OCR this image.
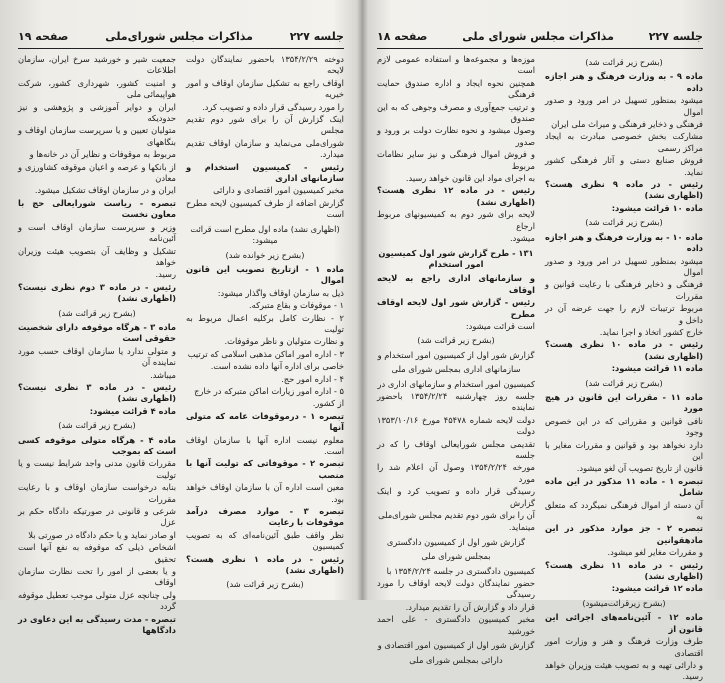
جلسه ۲۲۷
مذاکرات مجلس شورای‌ملی
صفحه ۱۹

دوخته ۱۳۵۴/۲/۲۹ باحضور نمایندگان دولت لایحه

اوقاف راجع به تشکیل سازمان اوقاف و امور خیریه

را مورد رسیدگی قرار داده و تصویب کرد.

اینک گزارش آن را برای شور دوم تقدیم مجلس

شورای‌ملی می‌نماید و سازمان اوقاف تقدیم میدارد.

رئیس - کمیسیون استخدام و سازمانهای اداری

مخبر کمیسیون امور اقتصادی و دارائی

گزارش اضافه از طرف کمیسیون لایحه مطرح است

(اظهاری نشد) ماده اول مطرح است قرائت میشود:

(بشرح زیر خوانده شد)

ماده ۱ - ازتاریخ تصویب این قانون اموال

ذیل به سازمان اوقاف واگذار میشود:

۱ - موقوفات و بقاع متبرکه.

۲ - نظارت کامل برکلیه اعمال مربوط به تولیت

و نظارت متولیان و ناظر موقوفات.

۳ - اداره امور اماکن مذهبی اسلامی که ترتیب

خاصی برای اداره آنها داده نشده است.

۴ - اداره امور حج.

۵ - اداره امور زیارات اماکن متبرکه در خارج

از کشور.

تبصره ۱ - درموقوفات عامه که متولی آنها

معلوم نیست اداره آنها با سازمان اوقاف است.

تبصره ۲ - موقوفاتی که تولیت آنها با منصب

معین است اداره آن با سازمان اوقاف خواهد بود.

تبصره ۳ - موارد مصرف درآمد موقوفات با رعایت

نظر واقف طبق آئین‌نامه‌ای که به تصویب کمیسیون

رئیس - در ماده ۱ نظری هست؟ (اظهاری نشد)

(بشرح زیر قرائت شد)

جمعیت شیر و خورشید سرخ ایران، سازمان اطلاعات

و امنیت کشور، شهرداری کشور، شرکت هواپیمائی ملی

ایران و دوایر آموزشی و پژوهشی و نیز حدودیکه

متولیان تعیین و یا سرپرست سازمان اوقاف و بنگاههای

مربوط به موقوفات و نظایر آن در خانه‌ها و

از بانکها و عرصه و اعیان موقوفه کشاورزی و معادن

ایران و در سازمان اوقاف تشکیل میشود.

تبصره - ریاست شورایعالی حج با معاون نخست

وزیر و سرپرست سازمان اوقاف است و آئین‌نامه

تشکیل و وظایف آن بتصویب هیئت وزیران خواهد

رسید.

رئیس - در ماده ۳ دوم نظری نیست؟ (اظهاری نشد)

(بشرح زیر قرائت شد)

ماده ۳ - هرگاه موقوفه دارای شخصیت حقوقی است

و متولی ندارد یا سازمان اوقاف حسب مورد نماینده آن

میباشد.

رئیس - در ماده ۳ نظری نیست؟ (اظهاری نشد)

ماده ۴ قرائت میشود:

(بشرح زیر قرائت شد)

ماده ۴ - هرگاه متولی موقوفه کسی است که بموجب

مقررات قانون مدنی واجد شرایط نیست و یا تولیت

بنابه درخواست سازمان اوقاف و با رعایت مقررات

شرعی و قانونی در صورتیکه دادگاه حکم بر عزل

او صادر نماید و یا حکم دادگاه در صورتی بلا

اشخاص ذیلی که موقوفه به نفع آنها است تحقیق

و یا بعضی از امور را تحت نظارت سازمان اوقاف

ولی چنانچه عزل متولی موجب تعطیل موقوفه گردد

تبصره - مدت رسیدگی به این دعاوی در دادگاهها

جلسه ۲۲۷
مذاکرات مجلس شورای ملی
صفحه ۱۸

(بشرح زیر قرائت شد)

ماده ۹ - به وزارت فرهنگ و هنر اجازه داده

میشود بمنظور تسهیل در امر ورود و صدور اموال

فرهنگی و ذخایر فرهنگی و میراث ملی ایران

مشارکت بخش خصوصی مبادرت به ایجاد مراکز رسمی

فروش صنایع دستی و آثار فرهنگی کشور نماید.

رئیس - در ماده ۹ نظری هست؟ (اظهاری نشد)

ماده ۱۰ قرائت میشود:

(بشرح زیر قرائت شد)

ماده ۱۰ - به وزارت فرهنگ و هنر اجازه داده

میشود بمنظور تسهیل در امر ورود و صدور اموال

فرهنگی و ذخایر فرهنگی با رعایت قوانین و مقررات

مربوط ترتیبات لازم را جهت عرضه آن در داخل و

خارج کشور اتخاذ و اجرا نماید.

رئیس - در ماده ۱۰ نظری هست؟ (اظهاری نشد)

ماده ۱۱ قرائت میشود:

(بشرح زیر قرائت شد)

ماده ۱۱ - مقررات این قانون در هیچ مورد

نافی قوانین و مقرراتی که در این خصوص وجود

دارد نخواهد بود و قوانین و مقررات مغایر با این

قانون از تاریخ تصویب آن لغو میشود.

تبصره ۱ - ماده ۱۱ مذکور در این ماده شامل

آن دسته از اموال فرهنگی نمیگردد که متعلق به

تبصره ۲ - جز موارد مذکور در این مادهقوانین

و مقررات مغایر لغو میشود.

رئیس - در ماده ۱۱ نظری هست؟ (اظهاری نشد)

ماده ۱۲ قرائت میشود:

(بشرح زیرقرائت‌میشود)

ماده ۱۲ - آئین‌نامه‌های اجرائی این قانون از

طرف وزارت فرهنگ و هنر و وزارت امور اقتصادی

و دارائی تهیه و به تصویب هیئت وزیران خواهد رسید.

موزه‌ها و مجموعه‌ها و استفاده عمومی لازم است

همچنین نحوه ایجاد و اداره صندوق حمایت فرهنگی

و ترتیب جمع‌آوری و مصرف وجوهی که به این صندوق

وصول میشود و نحوه نظارت دولت بر ورود و صدور

و فروش اموال فرهنگی و نیز سایر نظامات مربوط

به اجرای مواد این قانون خواهد رسید.

رئیس - در ماده ۱۲ نظری هست؟ (اظهاری نشد)

لایحه برای شور دوم به کمیسیونهای مربوط ارجاع

میشود.

۱۳۱ - طرح گزارش شور اول کمیسیون امور استخدام

و سازمانهای اداری راجع به لایحه اوقاف

رئیس - گزارش شور اول لایحه اوقاف مطرح

است قرائت میشود:

(بشرح زیر قرائت شد)

گزارش شور اول از کمیسیون امور استخدام و

سازمانهای اداری بمجلس شورای ملی

کمیسیون امور استخدام و سازمانهای اداری در

جلسه روز چهارشنبه ۱۳۵۴/۲/۲۴ باحضور نماینده

دولت لایحه شماره ۴۵۴۷۸ مورخ ۱۳۵۳/۱۰/۱۶ دولت

تقدیمی مجلس شورایعالی اوقاف را که در جلسه

مورخه ۱۳۵۴/۲/۲۴ وصول آن اعلام شد را مورد

رسیدگی قرار داده و تصویب کرد و اینک گزارش

آن را برای شور دوم تقدیم مجلس شورای‌ملی

مینماید.

گزارش شور اول از کمیسیون دادگستری

بمجلس شورای ملی

کمیسیون دادگستری در جلسه ۱۳۵۴/۲/۲۴ با

حضور نمایندگان دولت لایحه اوقاف را مورد رسیدگی

قرار داد و گزارش آن را تقدیم میدارد.

مخبر کمیسیون دادگستری - علی احمد خورشید

گزارش شور اول از کمیسیون امور اقتصادی و

دارائی بمجلس شورای ملی
